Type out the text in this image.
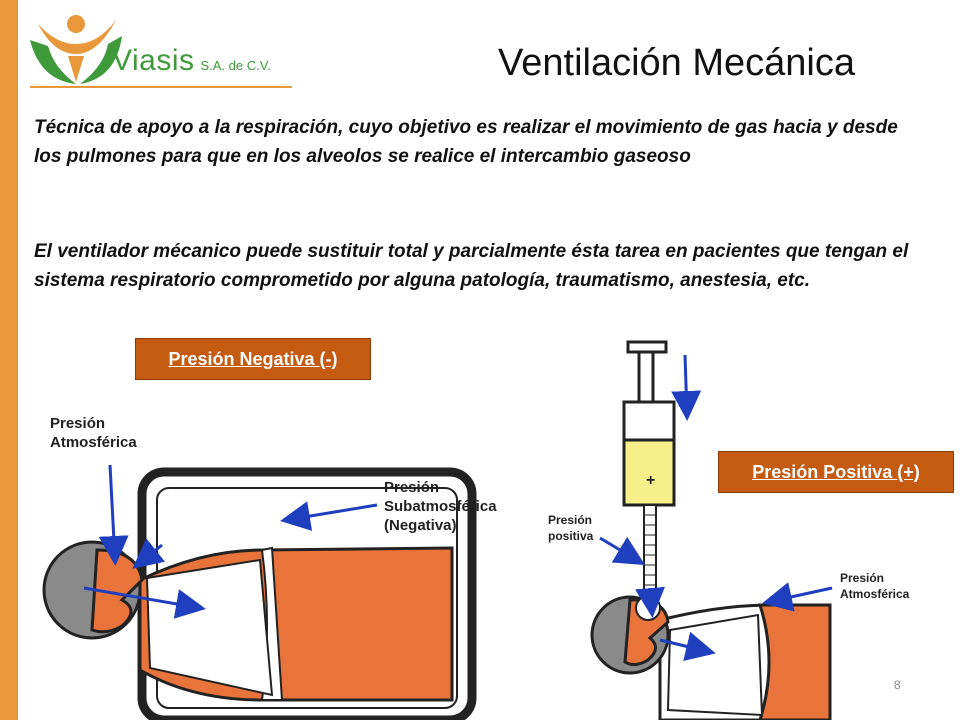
Viasis S.A. de C.V.	Ventilación Mecánica
Técnica de apoyo a la respiración, cuyo objetivo es realizar el movimiento de gas hacia y desde los pulmones para que en los alveolos se realice el intercambio gaseoso
El ventilador mécanico puede sustituir total y parcialmente ésta tarea en pacientes que tengan el sistema respiratorio comprometido por alguna patología, traumatismo, anestesia, etc.
Presión Negativa (-)
Presión Positiva (+)
Presión
Atmosférica
Presión
Subatmosférica
(Negativa)
+
Presión
positiva
Presión
Atmosférica
8
